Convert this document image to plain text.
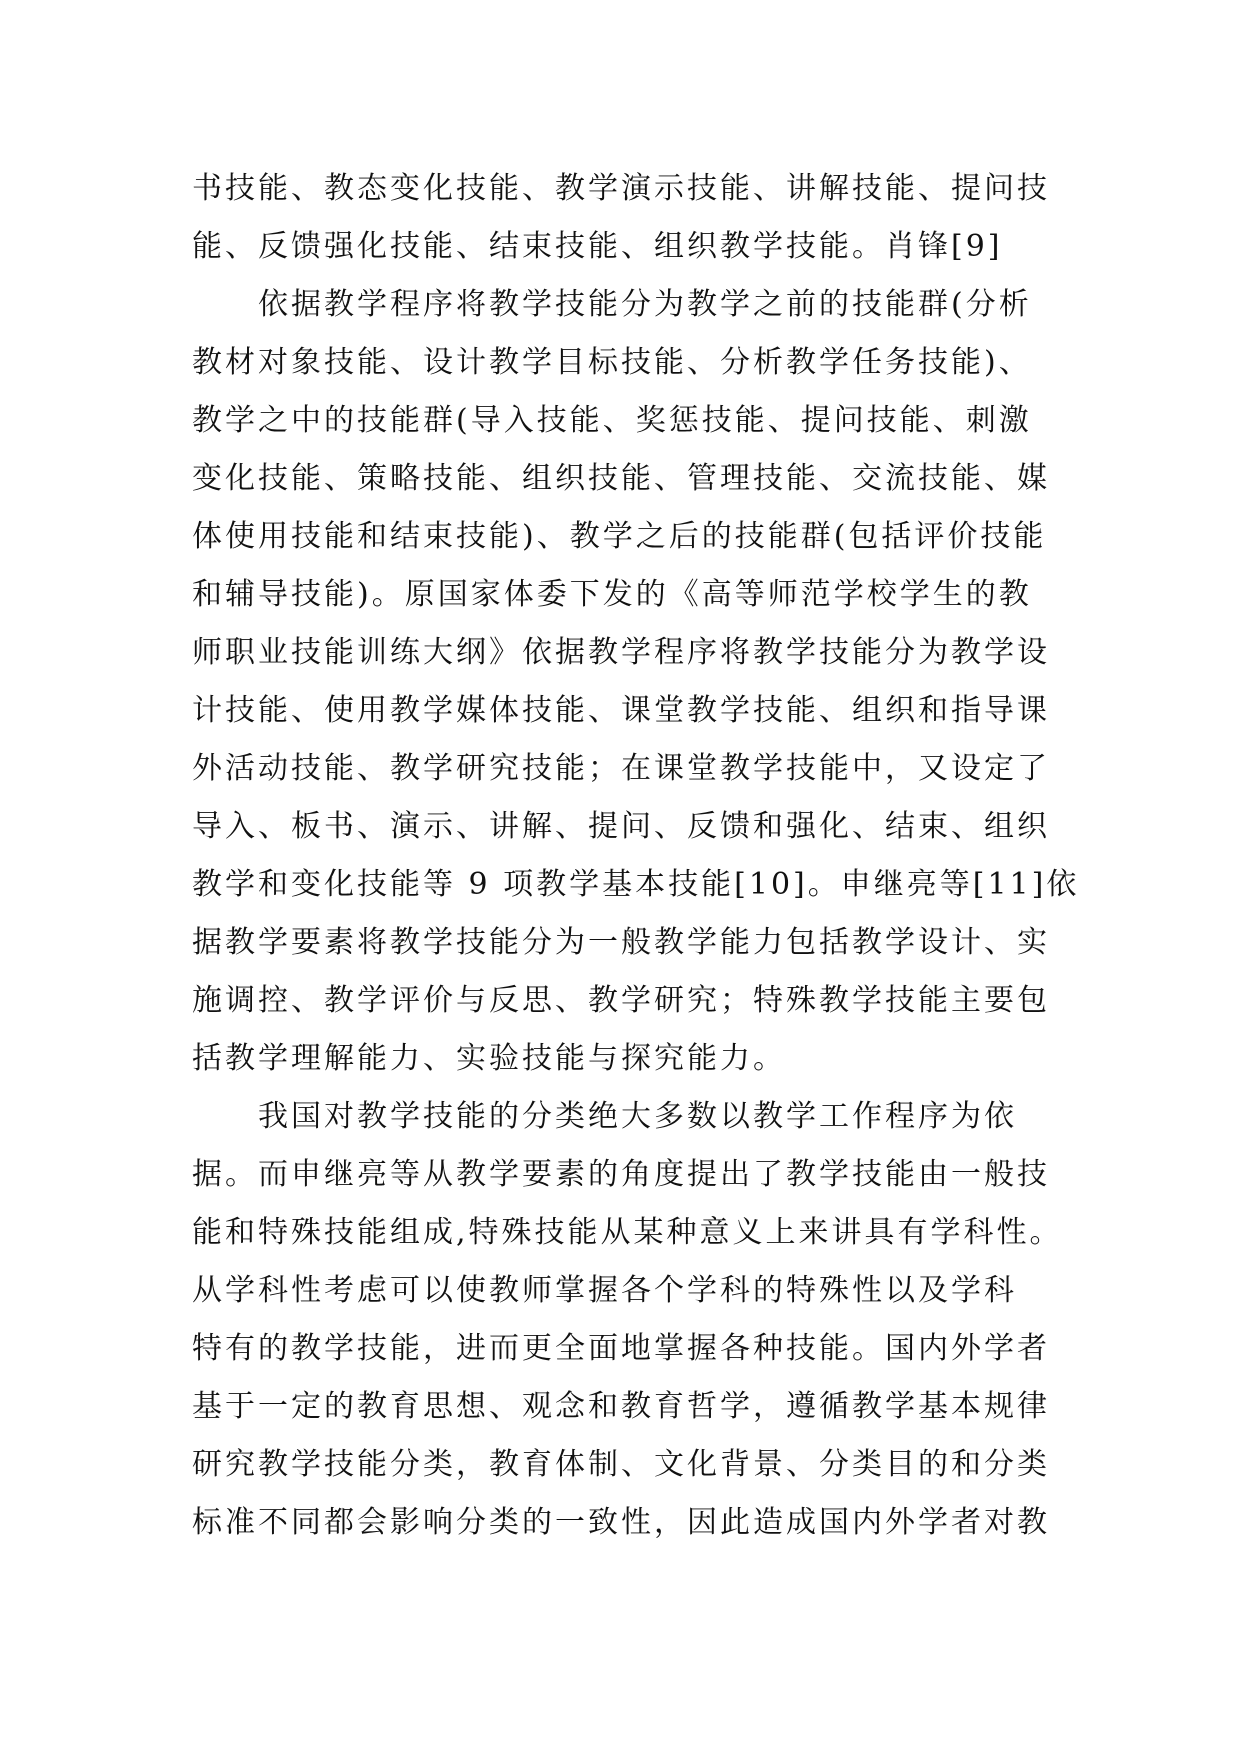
书技能、教态变化技能、教学演示技能、讲解技能、提问技
能、反馈强化技能、结束技能、组织教学技能。肖锋[9]
　　依据教学程序将教学技能分为教学之前的技能群(分析
教材对象技能、设计教学目标技能、分析教学任务技能)、
教学之中的技能群(导入技能、奖惩技能、提问技能、刺激
变化技能、策略技能、组织技能、管理技能、交流技能、媒
体使用技能和结束技能)、教学之后的技能群(包括评价技能
和辅导技能)。原国家体委下发的《高等师范学校学生的教
师职业技能训练大纲》依据教学程序将教学技能分为教学设
计技能、使用教学媒体技能、课堂教学技能、组织和指导课
外活动技能、教学研究技能；在课堂教学技能中，又设定了
导入、板书、演示、讲解、提问、反馈和强化、结束、组织
教学和变化技能等 9 项教学基本技能[10]。申继亮等[11]依
据教学要素将教学技能分为一般教学能力包括教学设计、实
施调控、教学评价与反思、教学研究；特殊教学技能主要包
括教学理解能力、实验技能与探究能力。
　　我国对教学技能的分类绝大多数以教学工作程序为依
据。而申继亮等从教学要素的角度提出了教学技能由一般技
能和特殊技能组成,特殊技能从某种意义上来讲具有学科性。
从学科性考虑可以使教师掌握各个学科的特殊性以及学科
特有的教学技能，进而更全面地掌握各种技能。国内外学者
基于一定的教育思想、观念和教育哲学，遵循教学基本规律
研究教学技能分类，教育体制、文化背景、分类目的和分类
标准不同都会影响分类的一致性，因此造成国内外学者对教
